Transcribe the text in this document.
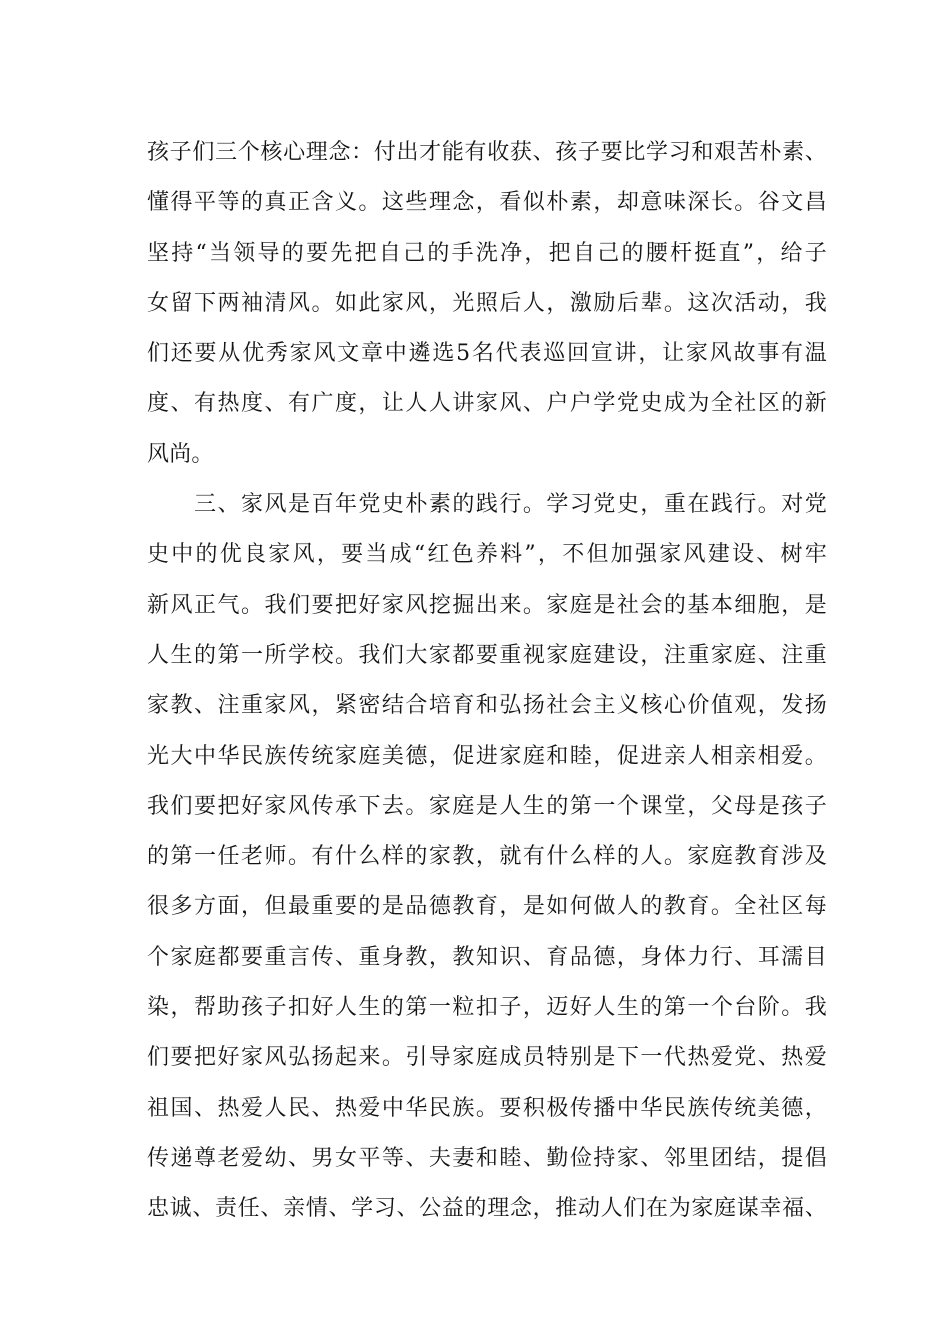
孩子们三个核心理念：付出才能有收获、孩子要比学习和艰苦朴素、
懂得平等的真正含义。这些理念，看似朴素，却意味深长。谷文昌
坚持“当领导的要先把自己的手洗净，把自己的腰杆挺直”，给子
女留下两袖清风。如此家风，光照后人，激励后辈。这次活动，我
们还要从优秀家风文章中遴选5名代表巡回宣讲，让家风故事有温
度、有热度、有广度，让人人讲家风、户户学党史成为全社区的新
风尚。
　　三、家风是百年党史朴素的践行。学习党史，重在践行。对党
史中的优良家风，要当成“红色养料”，不但加强家风建设、树牢
新风正气。我们要把好家风挖掘出来。家庭是社会的基本细胞，是
人生的第一所学校。我们大家都要重视家庭建设，注重家庭、注重
家教、注重家风，紧密结合培育和弘扬社会主义核心价值观，发扬
光大中华民族传统家庭美德，促进家庭和睦，促进亲人相亲相爱。
我们要把好家风传承下去。家庭是人生的第一个课堂，父母是孩子
的第一任老师。有什么样的家教，就有什么样的人。家庭教育涉及
很多方面，但最重要的是品德教育，是如何做人的教育。全社区每
个家庭都要重言传、重身教，教知识、育品德，身体力行、耳濡目
染，帮助孩子扣好人生的第一粒扣子，迈好人生的第一个台阶。我
们要把好家风弘扬起来。引导家庭成员特别是下一代热爱党、热爱
祖国、热爱人民、热爱中华民族。要积极传播中华民族传统美德，
传递尊老爱幼、男女平等、夫妻和睦、勤俭持家、邻里团结，提倡
忠诚、责任、亲情、学习、公益的理念，推动人们在为家庭谋幸福、
